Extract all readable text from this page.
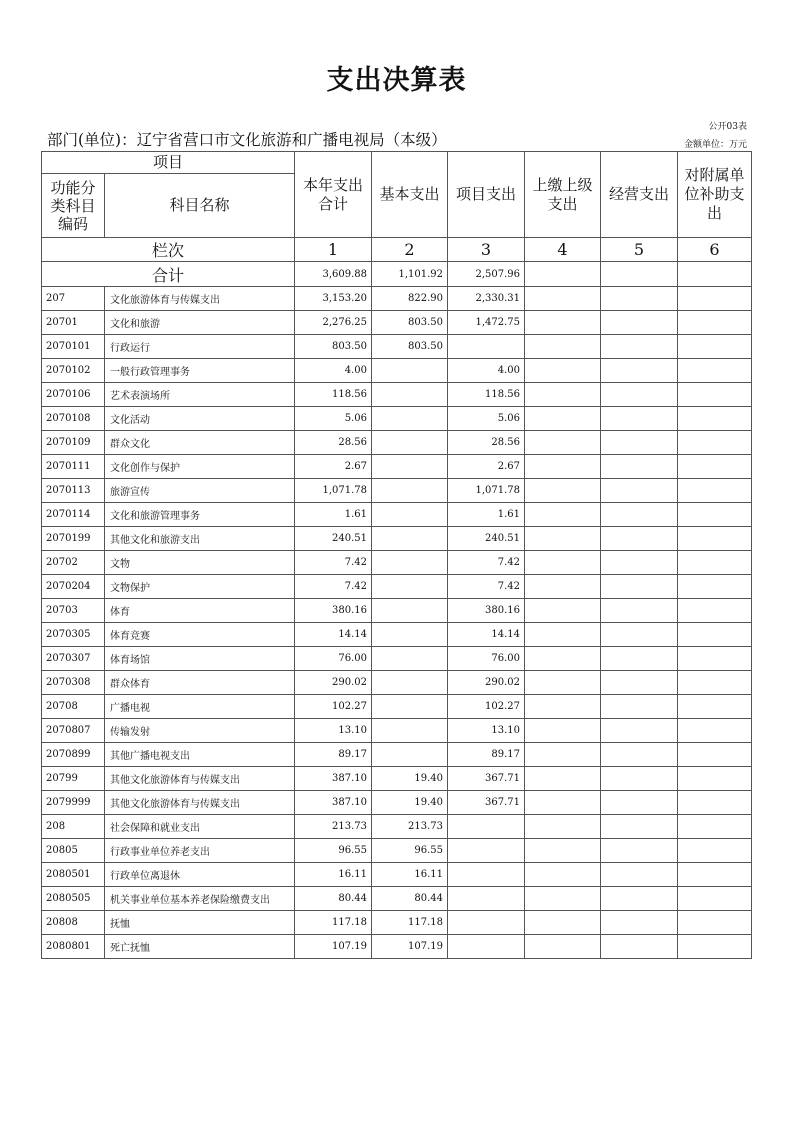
支出决算表
公开03表
金额单位：万元
部门(单位)：辽宁省营口市文化旅游和广播电视局（本级）
项目		本年支出合计	基本支出	项目支出	上缴上级支出	经营支出	对附属单位补助支出
功能分类科目编码	科目名称						
栏次		1	2	3	4	5	6
合计		3,609.88	1,101.92	2,507.96			
207	文化旅游体育与传媒支出	3,153.20	822.90	2,330.31			
20701	文化和旅游	2,276.25	803.50	1,472.75			
2070101	行政运行	803.50	803.50				
2070102	一般行政管理事务	4.00		4.00			
2070106	艺术表演场所	118.56		118.56			
2070108	文化活动	5.06		5.06			
2070109	群众文化	28.56		28.56			
2070111	文化创作与保护	2.67		2.67			
2070113	旅游宣传	1,071.78		1,071.78			
2070114	文化和旅游管理事务	1.61		1.61			
2070199	其他文化和旅游支出	240.51		240.51			
20702	文物	7.42		7.42			
2070204	文物保护	7.42		7.42			
20703	体育	380.16		380.16			
2070305	体育竞赛	14.14		14.14			
2070307	体育场馆	76.00		76.00			
2070308	群众体育	290.02		290.02			
20708	广播电视	102.27		102.27			
2070807	传输发射	13.10		13.10			
2070899	其他广播电视支出	89.17		89.17			
20799	其他文化旅游体育与传媒支出	387.10	19.40	367.71			
2079999	其他文化旅游体育与传媒支出	387.10	19.40	367.71			
208	社会保障和就业支出	213.73	213.73				
20805	行政事业单位养老支出	96.55	96.55				
2080501	行政单位离退休	16.11	16.11				
2080505	机关事业单位基本养老保险缴费支出	80.44	80.44				
20808	抚恤	117.18	117.18				
2080801	死亡抚恤	107.19	107.19				
